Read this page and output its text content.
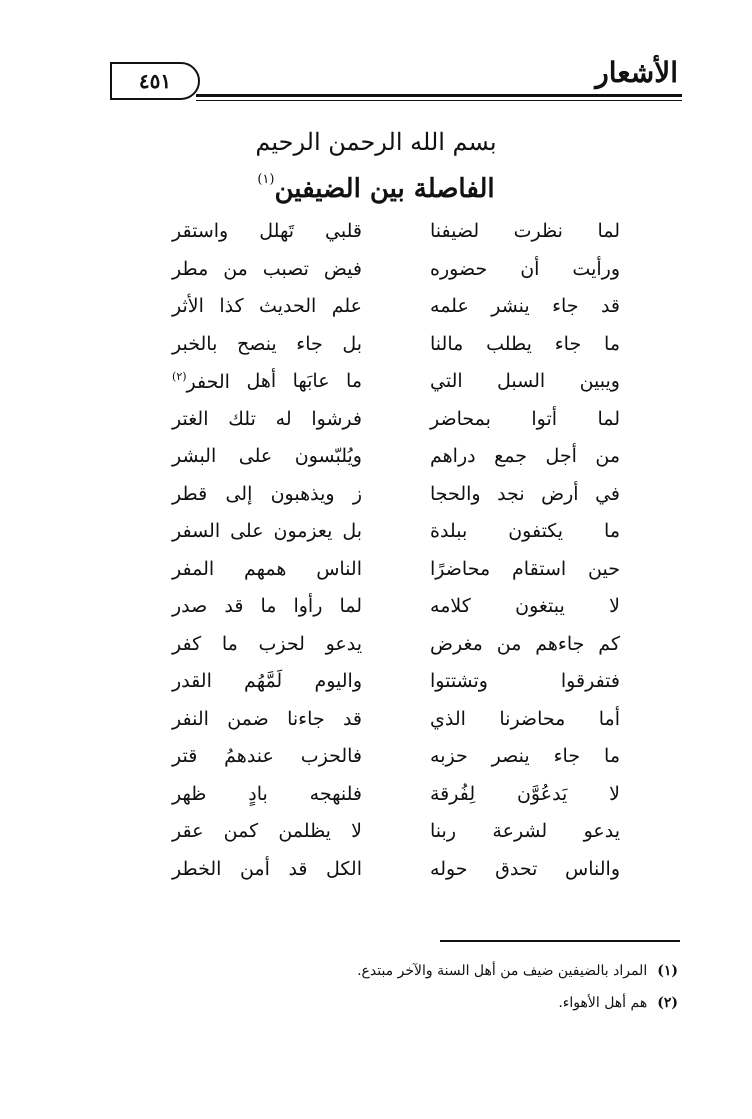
٤٥١	الأشعار
بسم الله الرحمن الرحيم
الفاصلة بين الضيفين$^{(١)}$
لما
نظرت
لضيفنا
قلبي
تَهلل
واستقر
ورأيت
أن
حضوره
فيض
تصبب
من
مطر
قد
جاء
ينشر
علمه
علم
الحديث
كذا
الأثر
ما
جاء
يطلب
مالنا
بل
جاء
ينصح
بالخبر
ويبين
السبل
التي
ما
عابَها
أهل
الحفر$^{(٢)}$
لما
أتوا
بمحاضر
فرشوا
له
تلك
الغتر
من
أجل
جمع
دراهم
ويُلبّسون
على
البشر
في
أرض
نجد
والحجا
ز
ويذهبون
إلى
قطر
ما
يكتفون
ببلدة
بل
يعزمون
على
السفر
حين
استقام
محاضرًا
الناس
همهم
المفر
لا
يبتغون
كلامه
لما
رأوا
ما
قد
صدر
كم
جاءهم
من
مغرض
يدعو
لحزب
ما
كفر
فتفرقوا
وتشتتوا
واليوم
لَمَّهُم
القدر
أما
محاضرنا
الذي
قد
جاءنا
ضمن
النفر
ما
جاء
ينصر
حزبه
فالحزب
عندهمُ
قتر
لا
يَدعُوَّن
لِفُرقة
فلنهجه
بادٍ
ظهر
يدعو
لشرعة
ربنا
لا
يظلمن
كمن
عقر
والناس
تحدق
حوله
الكل
قد
أمن
الخطر
(١)المراد بالضيفين ضيف من أهل السنة والآخر مبتدع.
(٢)هم أهل الأهواء.
